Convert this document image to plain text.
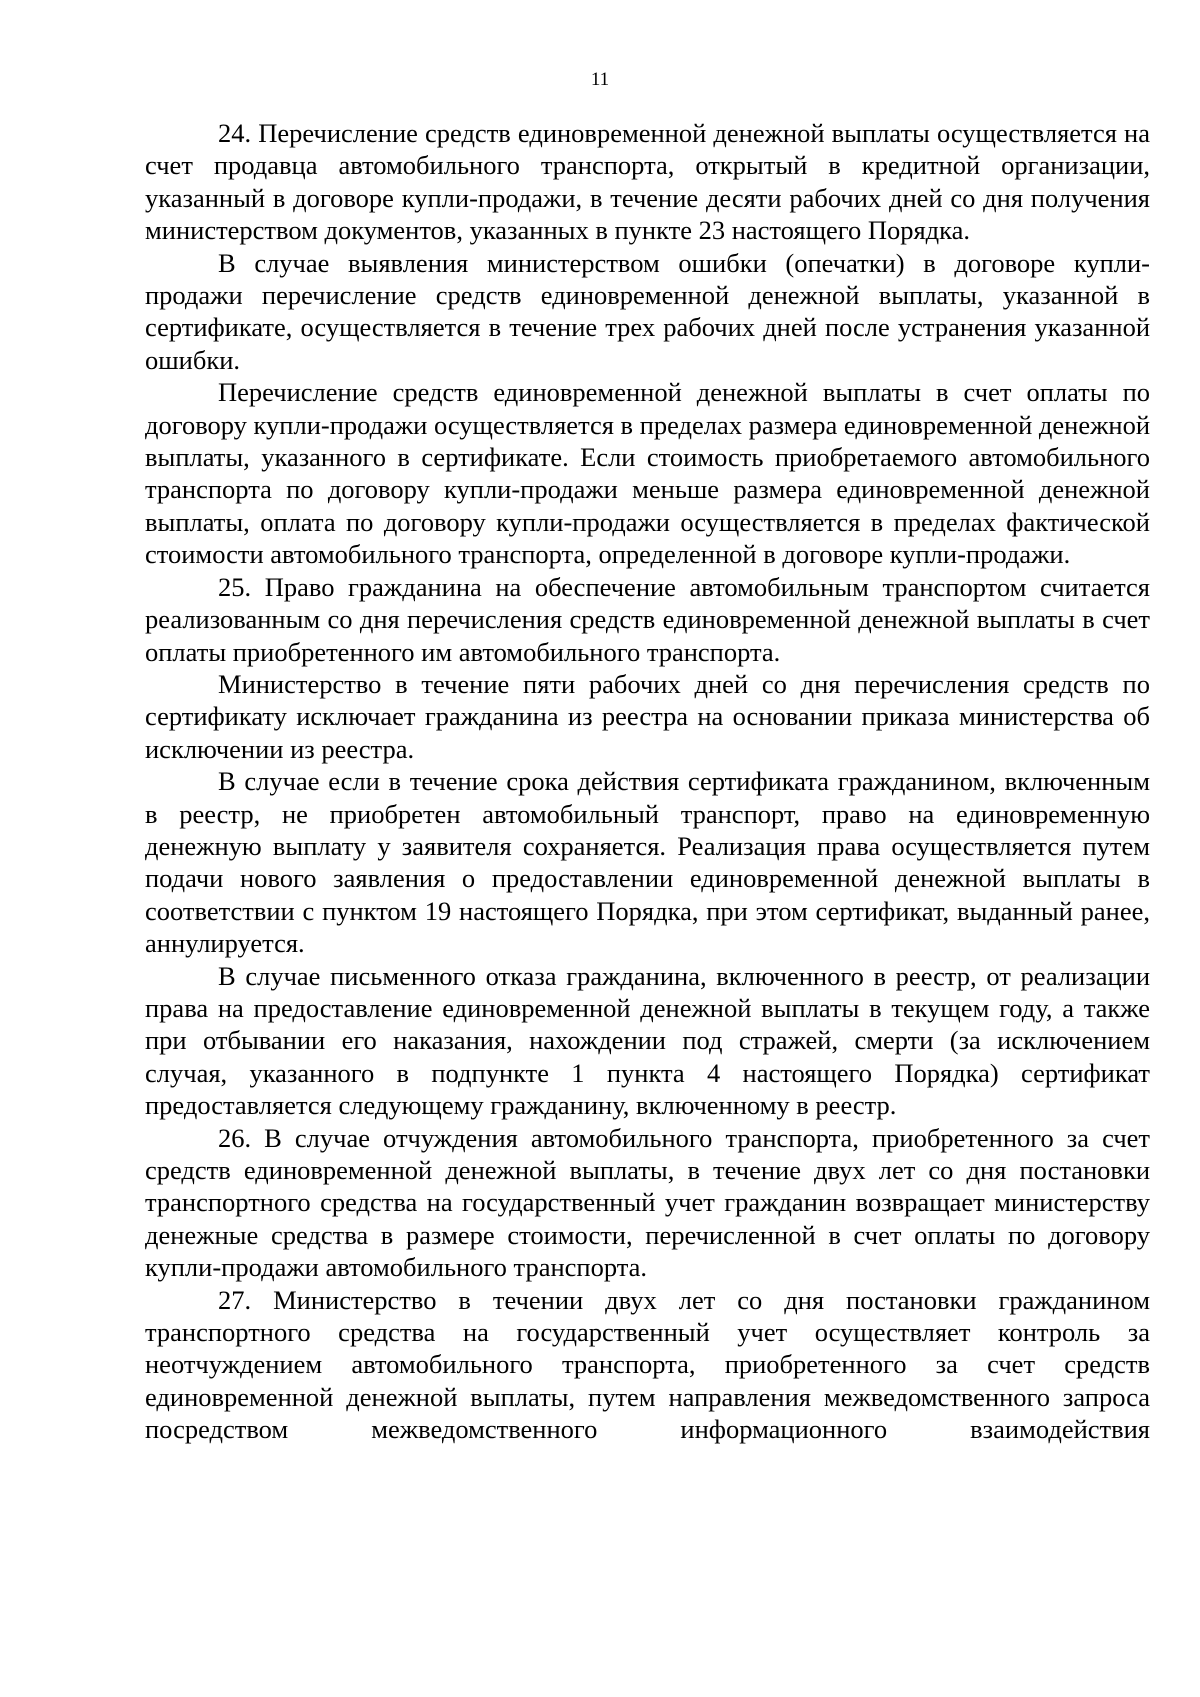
11

24. Перечисление средств единовременной денежной выплаты осуществляется на счет продавца автомобильного транспорта, открытый в кредитной организации, указанный в договоре купли-продажи, в течение десяти рабочих дней со дня получения министерством документов, указанных в пункте 23 настоящего Порядка.

В случае выявления министерством ошибки (опечатки) в договоре купли-продажи перечисление средств единовременной денежной выплаты, указанной в сертификате, осуществляется в течение трех рабочих дней после устранения указанной ошибки.

Перечисление средств единовременной денежной выплаты в счет оплаты по договору купли-продажи осуществляется в пределах размера единовременной денежной выплаты, указанного в сертификате. Если стоимость приобретаемого автомобильного транспорта по договору купли-продажи меньше размера единовременной денежной выплаты, оплата по договору купли-продажи осуществляется в пределах фактической стоимости автомобильного транспорта, определенной в договоре купли-продажи.

25. Право гражданина на обеспечение автомобильным транспортом считается реализованным со дня перечисления средств единовременной денежной выплаты в счет оплаты приобретенного им автомобильного транспорта.

Министерство в течение пяти рабочих дней со дня перечисления средств по сертификату исключает гражданина из реестра на основании приказа министерства об исключении из реестра.

В случае если в течение срока действия сертификата гражданином, включенным в реестр, не приобретен автомобильный транспорт, право на единовременную денежную выплату у заявителя сохраняется. Реализация права осуществляется путем подачи нового заявления о предоставлении единовременной денежной выплаты в соответствии с пунктом 19 настоящего Порядка, при этом сертификат, выданный ранее, аннулируется.

В случае письменного отказа гражданина, включенного в реестр, от реализации права на предоставление единовременной денежной выплаты в текущем году, а также при отбывании его наказания, нахождении под стражей, смерти (за исключением случая, указанного в подпункте 1 пункта 4 настоящего Порядка) сертификат предоставляется следующему гражданину, включенному в реестр.

26. В случае отчуждения автомобильного транспорта, приобретенного за счет средств единовременной денежной выплаты, в течение двух лет со дня постановки транспортного средства на государственный учет гражданин возвращает министерству денежные средства в размере стоимости, перечисленной в счет оплаты по договору купли-продажи автомобильного транспорта.

27. Министерство в течении двух лет со дня постановки гражданином транспортного средства на государственный учет осуществляет контроль за неотчуждением автомобильного транспорта, приобретенного за счет средств единовременной денежной выплаты, путем направления межведомственного запроса посредством межведомственного информационного взаимодействия
